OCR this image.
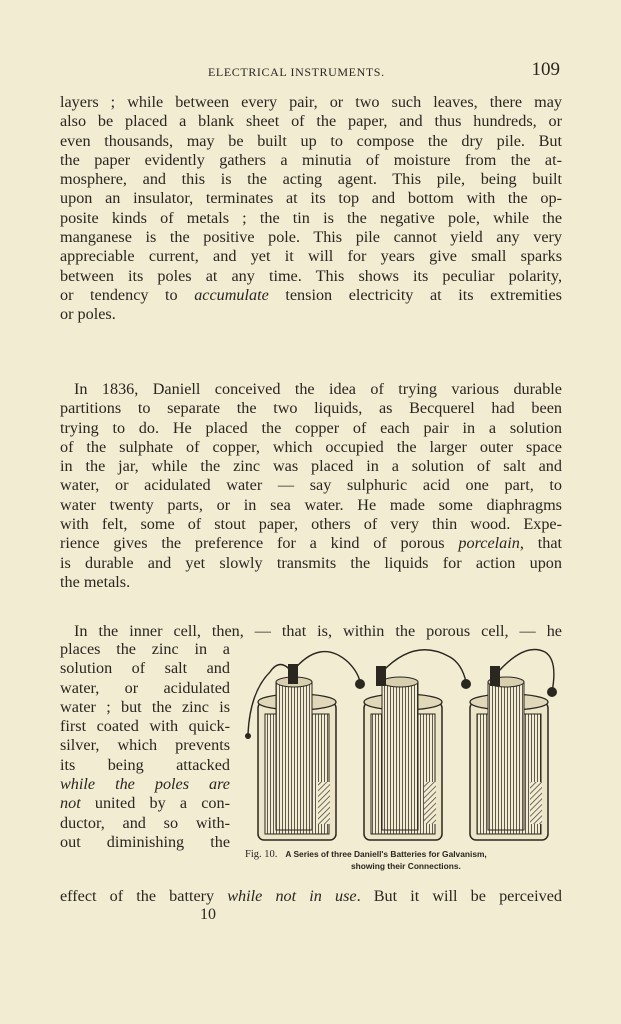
ELECTRICAL INSTRUMENTS.	109
layers ; while between every pair, or two such leaves, there may
also be placed a blank sheet of the paper, and thus hundreds, or
even thousands, may be built up to compose the dry pile. But
the paper evidently gathers a minutia of moisture from the at-
mosphere, and this is the acting agent. This pile, being built
upon an insulator, terminates at its top and bottom with the op-
posite kinds of metals ; the tin is the negative pole, while the
manganese is the positive pole. This pile cannot yield any very
appreciable current, and yet it will for years give small sparks
between its poles at any time. This shows its peculiar polarity,
or tendency to accumulate tension electricity at its extremities
or poles.
In 1836, Daniell conceived the idea of trying various durable
partitions to separate the two liquids, as Becquerel had been
trying to do. He placed the copper of each pair in a solution
of the sulphate of copper, which occupied the larger outer space
in the jar, while the zinc was placed in a solution of salt and
water, or acidulated water — say sulphuric acid one part, to
water twenty parts, or in sea water. He made some diaphragms
with felt, some of stout paper, others of very thin wood. Expe-
rience gives the preference for a kind of porous porcelain, that
is durable and yet slowly transmits the liquids for action upon
the metals.
In the inner cell, then, — that is, within the porous cell, — he
places the zinc in a
solution of salt and
water, or acidulated
water ; but the zinc is
first coated with quick-
silver, which prevents
its being attacked
while the poles are
not united by a con-
ductor, and so with-
out diminishing the
Fig. 10. A Series of three Daniell's Batteries for Galvanism,
showing their Connections.
effect of the battery while not in use. But it will be perceived
10
